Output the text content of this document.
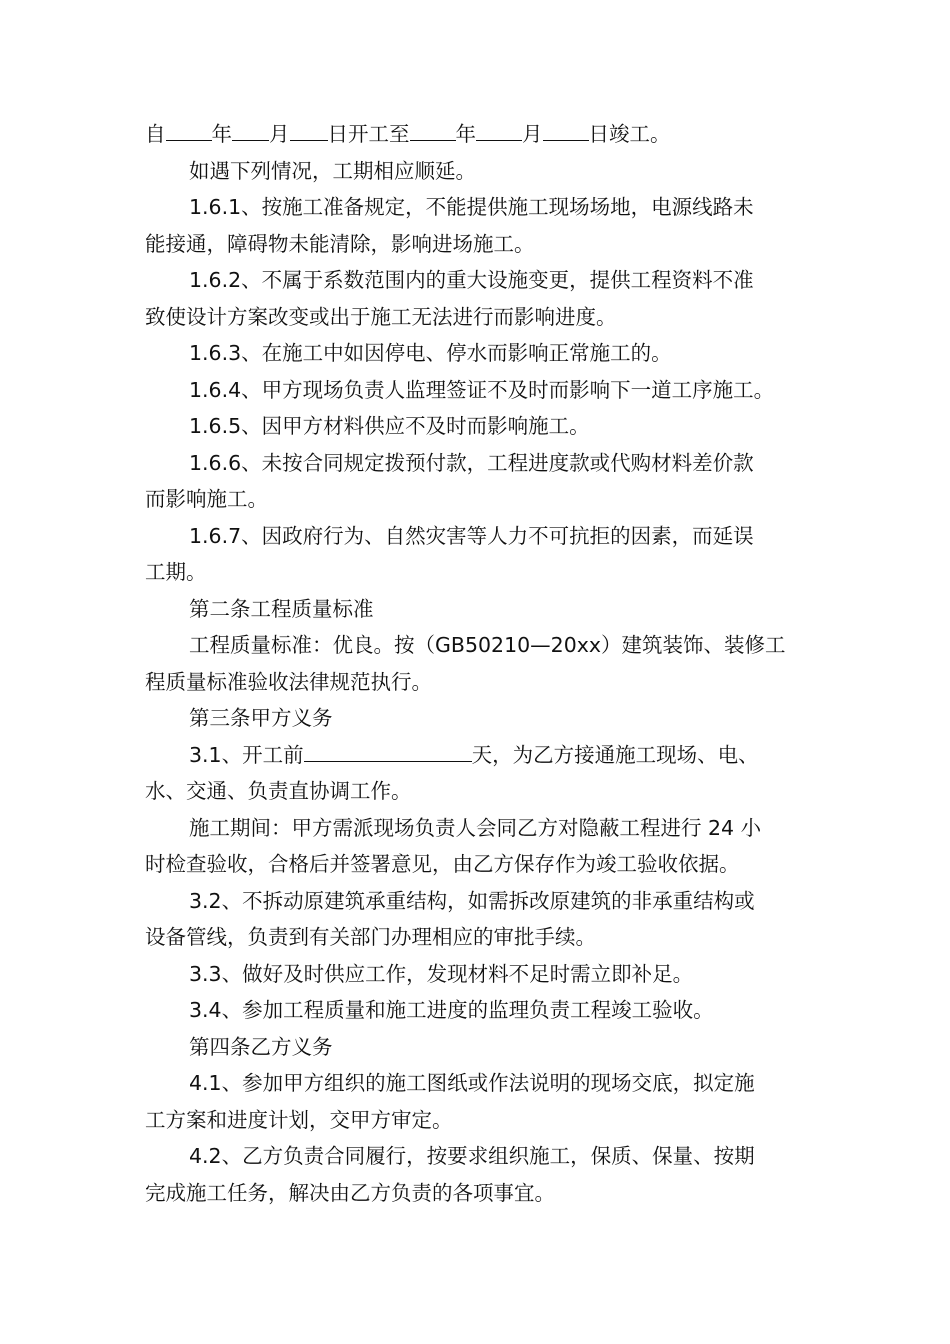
自 年 月 日开工至 年 月 日竣工。

如遇下列情况，工期相应顺延。

1.6.1、按施工准备规定，不能提供施工现场场地，电源线路未

能接通，障碍物未能清除，影响进场施工。

1.6.2、不属于系数范围内的重大设施变更，提供工程资料不准

致使设计方案改变或出于施工无法进行而影响进度。

1.6.3、在施工中如因停电、停水而影响正常施工的。

1.6.4、甲方现场负责人监理签证不及时而影响下一道工序施工。

1.6.5、因甲方材料供应不及时而影响施工。

1.6.6、未按合同规定拨预付款，工程进度款或代购材料差价款

而影响施工。

1.6.7、因政府行为、自然灾害等人力不可抗拒的因素，而延误

工期。

第二条工程质量标准

工程质量标准：优良。按（GB50210—20xx）建筑装饰、装修工

程质量标准验收法律规范执行。

第三条甲方义务

3.1、开工前	天，为乙方接通施工现场、电、

水、交通、负责直协调工作。

施工期间：甲方需派现场负责人会同乙方对隐蔽工程进行 24 小

时检查验收，合格后并签署意见，由乙方保存作为竣工验收依据。

3.2、不拆动原建筑承重结构，如需拆改原建筑的非承重结构或

设备管线，负责到有关部门办理相应的审批手续。

3.3、做好及时供应工作，发现材料不足时需立即补足。

3.4、参加工程质量和施工进度的监理负责工程竣工验收。

第四条乙方义务

4.1、参加甲方组织的施工图纸或作法说明的现场交底，拟定施

工方案和进度计划，交甲方审定。

4.2、乙方负责合同履行，按要求组织施工，保质、保量、按期

完成施工任务，解决由乙方负责的各项事宜。
